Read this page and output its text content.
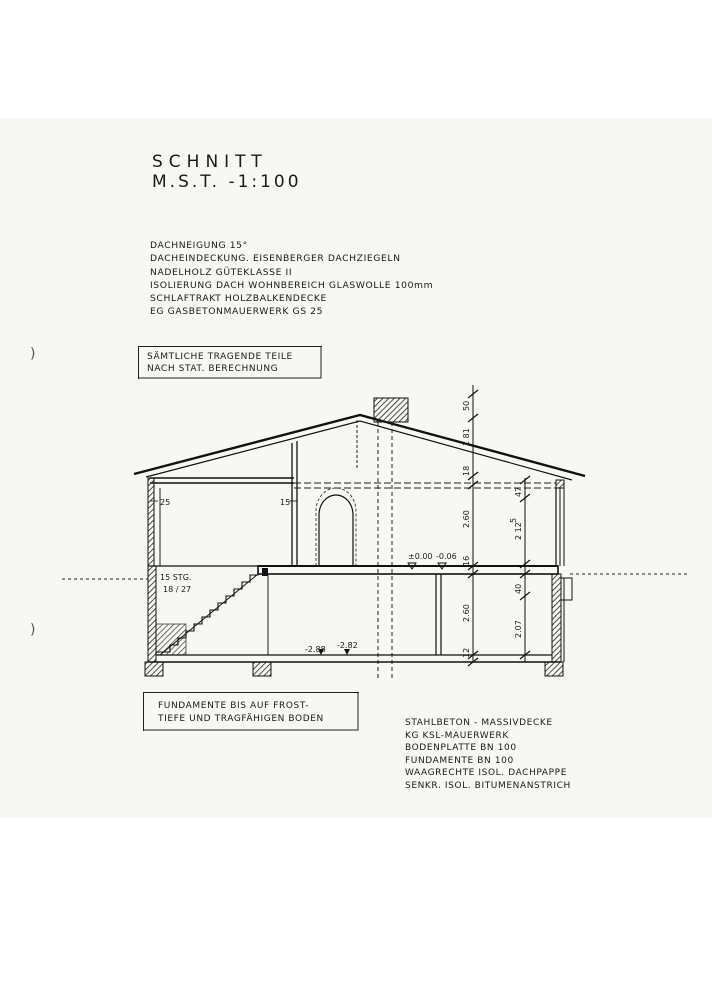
SCHNITT
M.S.T. -1:100
DACHNEIGUNG 15°
DACHEINDECKUNG. EISENBERGER DACHZIEGELN
NADELHOLZ GÜTEKLASSE II
ISOLIERUNG DACH WOHNBEREICH GLASWOLLE 100mm
SCHLAFTRAKT HOLZBALKENDECKE
EG GASBETONMAUERWERK GS 25
SÄMTLICHE TRAGENDE TEILE
NACH STAT. BERECHNUNG
25	15
15 STG.
18 / 27
±0.00 -0.06
-2.88 -2.82
50
1 81
18
2.60
16
2.60
12
47
2 12
5
40
2.07
FUNDAMENTE BIS AUF FROST-
TIEFE UND TRAGFÄHIGEN BODEN	STAHLBETON - MASSIVDECKE
KG KSL-MAUERWERK
BODENPLATTE BN 100
FUNDAMENTE BN 100
WAAGRECHTE ISOL. DACHPAPPE
SENKR. ISOL. BITUMENANSTRICH
)
)
